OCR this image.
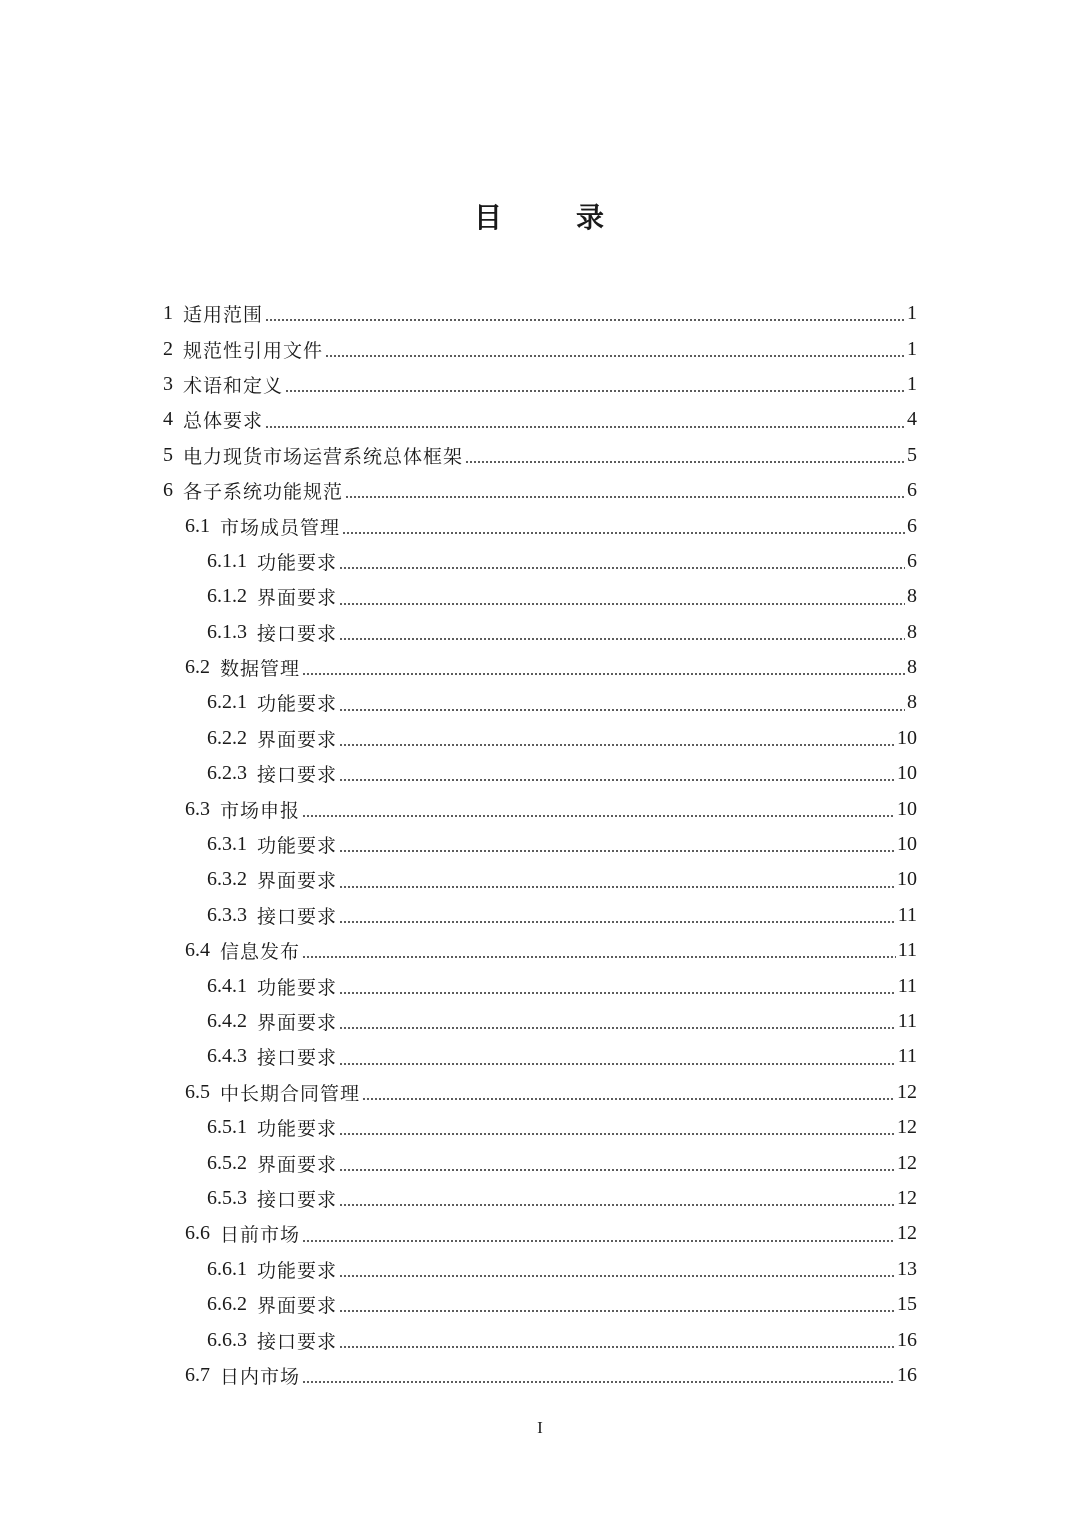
目	录
1 适用范围	1
2 规范性引用文件	1
3 术语和定义	1
4 总体要求	4
5 电力现货市场运营系统总体框架	5
6 各子系统功能规范	6
6.1 市场成员管理	6
6.1.1 功能要求	6
6.1.2 界面要求	8
6.1.3 接口要求	8
6.2 数据管理	8
6.2.1 功能要求	8
6.2.2 界面要求	10
6.2.3 接口要求	10
6.3 市场申报	10
6.3.1 功能要求	10
6.3.2 界面要求	10
6.3.3 接口要求	11
6.4 信息发布	11
6.4.1 功能要求	11
6.4.2 界面要求	11
6.4.3 接口要求	11
6.5 中长期合同管理	12
6.5.1 功能要求	12
6.5.2 界面要求	12
6.5.3 接口要求	12
6.6 日前市场	12
6.6.1 功能要求	13
6.6.2 界面要求	15
6.6.3 接口要求	16
6.7 日内市场	16
I
